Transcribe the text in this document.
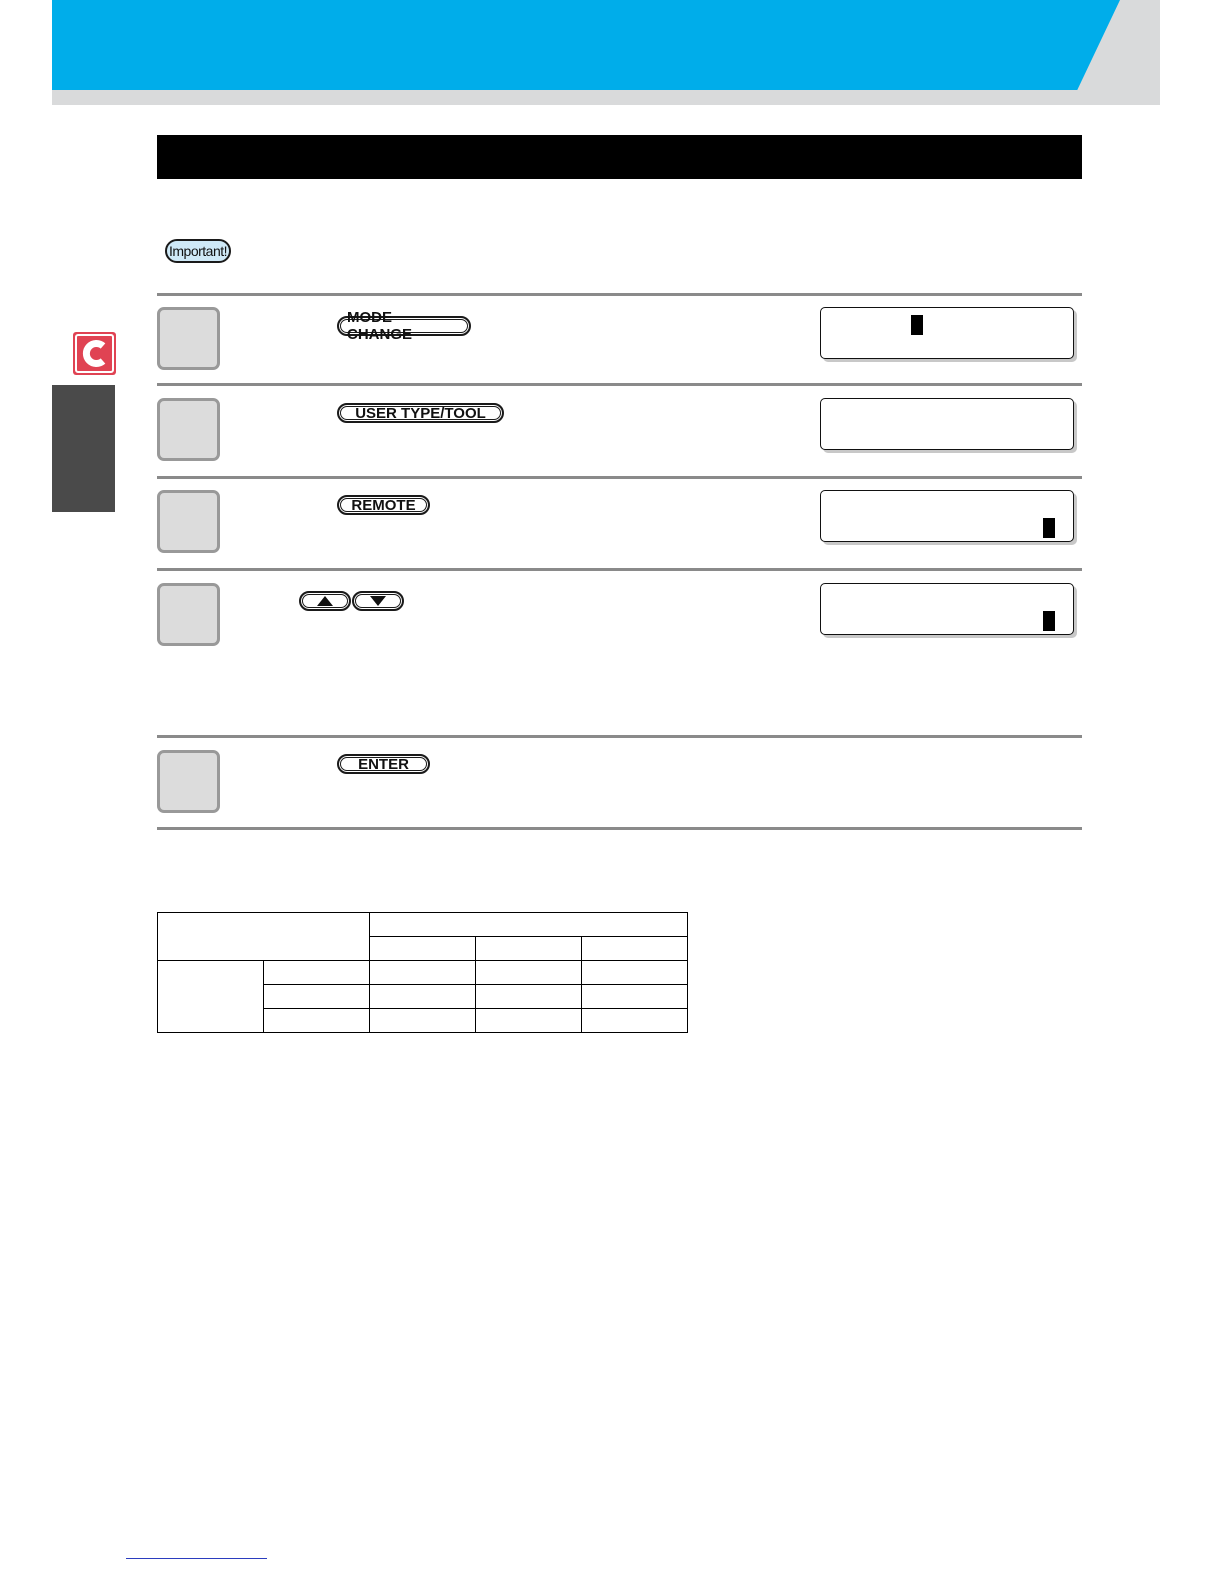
Important!
MODE CHANGE
USER TYPE/TOOL
REMOTE
ENTER
